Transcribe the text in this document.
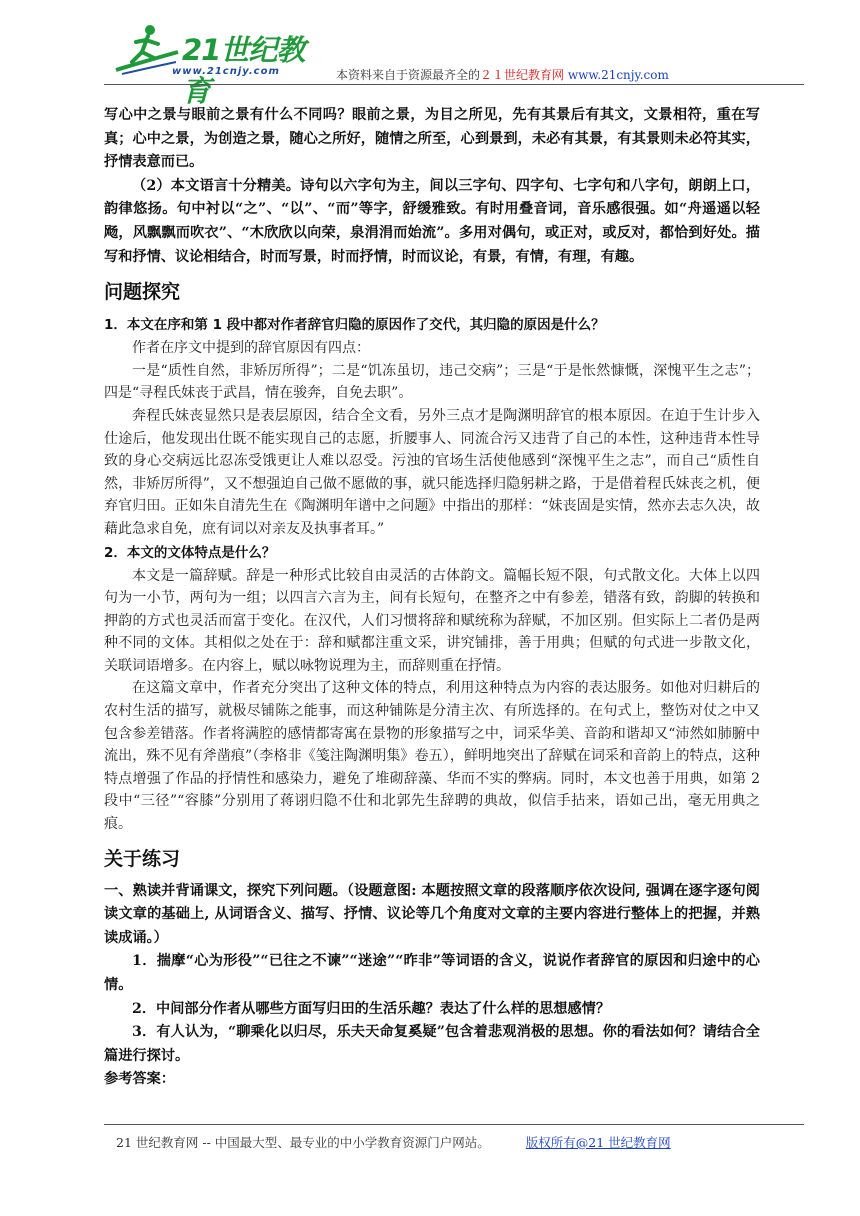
21世纪教育
www.21cnjy.com	本资料来自于资源最齐全的２１世纪教育网 www.21cnjy.com

写心中之景与眼前之景有什么不同吗？眼前之景，为目之所见，先有其景后有其文，文景相符，重在写真；心中之景，为创造之景，随心之所好，随情之所至，心到景到，未必有其景，有其景则未必符其实，抒情表意而已。

（2）本文语言十分精美。诗句以六字句为主，间以三字句、四字句、七字句和八字句，朗朗上口，韵律悠扬。句中衬以“之”、“以”、“而”等字，舒缓雅致。有时用叠音词，音乐感很强。如“舟遥遥以轻飏，风飘飘而吹衣”、“木欣欣以向荣，泉涓涓而始流”。多用对偶句，或正对，或反对，都恰到好处。描写和抒情、议论相结合，时而写景，时而抒情，时而议论，有景，有情，有理，有趣。

问题探究

1．本文在序和第 1 段中都对作者辞官归隐的原因作了交代，其归隐的原因是什么？

作者在序文中提到的辞官原因有四点：

一是“质性自然，非矫厉所得”；二是“饥冻虽切，违己交病”；三是“于是怅然慷慨，深愧平生之志”；四是“寻程氏妹丧于武昌，情在骏奔，自免去职”。

奔程氏妹丧显然只是表层原因，结合全文看，另外三点才是陶渊明辞官的根本原因。在迫于生计步入仕途后，他发现出仕既不能实现自己的志愿，折腰事人、同流合污又违背了自己的本性，这种违背本性导致的身心交病远比忍冻受饿更让人难以忍受。污浊的官场生活使他感到“深愧平生之志”，而自己“质性自然，非矫厉所得”，又不想强迫自己做不愿做的事，就只能选择归隐躬耕之路，于是借着程氏妹丧之机，便弃官归田。正如朱自清先生在《陶渊明年谱中之问题》中指出的那样：“妹丧固是实情，然亦去志久决，故藉此急求自免，庶有词以对亲友及执事者耳。”

2．本文的文体特点是什么？

本文是一篇辞赋。辞是一种形式比较自由灵活的古体韵文。篇幅长短不限，句式散文化。大体上以四句为一小节，两句为一组；以四言六言为主，间有长短句，在整齐之中有参差，错落有致，韵脚的转换和押韵的方式也灵活而富于变化。在汉代，人们习惯将辞和赋统称为辞赋，不加区别。但实际上二者仍是两种不同的文体。其相似之处在于：辞和赋都注重文采，讲究铺排，善于用典；但赋的句式进一步散文化，关联词语增多。在内容上，赋以咏物说理为主，而辞则重在抒情。

在这篇文章中，作者充分突出了这种文体的特点，利用这种特点为内容的表达服务。如他对归耕后的农村生活的描写，就极尽铺陈之能事，而这种铺陈是分清主次、有所选择的。在句式上，整饬对仗之中又包含参差错落。作者将满腔的感情都寄寓在景物的形象描写之中，词采华美、音韵和谐却又“沛然如肺腑中流出，殊不见有斧凿痕”（李格非《笺注陶渊明集》卷五），鲜明地突出了辞赋在词采和音韵上的特点，这种特点增强了作品的抒情性和感染力，避免了堆砌辞藻、华而不实的弊病。同时，本文也善于用典，如第 2 段中“三径”“容膝”分别用了蒋诩归隐不仕和北郭先生辞聘的典故，似信手拈来，语如己出，毫无用典之痕。

关于练习

一、熟读并背诵课文，探究下列问题。（设题意图: 本题按照文章的段落顺序依次设问, 强调在逐字逐句阅读文章的基础上, 从词语含义、描写、抒情、议论等几个角度对文章的主要内容进行整体上的把握，并熟读成诵。）

1．揣摩“心为形役”“已往之不谏”“迷途”“昨非”等词语的含义，说说作者辞官的原因和归途中的心情。

2．中间部分作者从哪些方面写归田的生活乐趣？表达了什么样的思想感情？

3．有人认为，“聊乘化以归尽，乐夫天命复奚疑”包含着悲观消极的思想。你的看法如何？请结合全篇进行探讨。

参考答案：

21 世纪教育网 -- 中国最大型、最专业的中小学教育资源门户网站。	版权所有@21 世纪教育网
